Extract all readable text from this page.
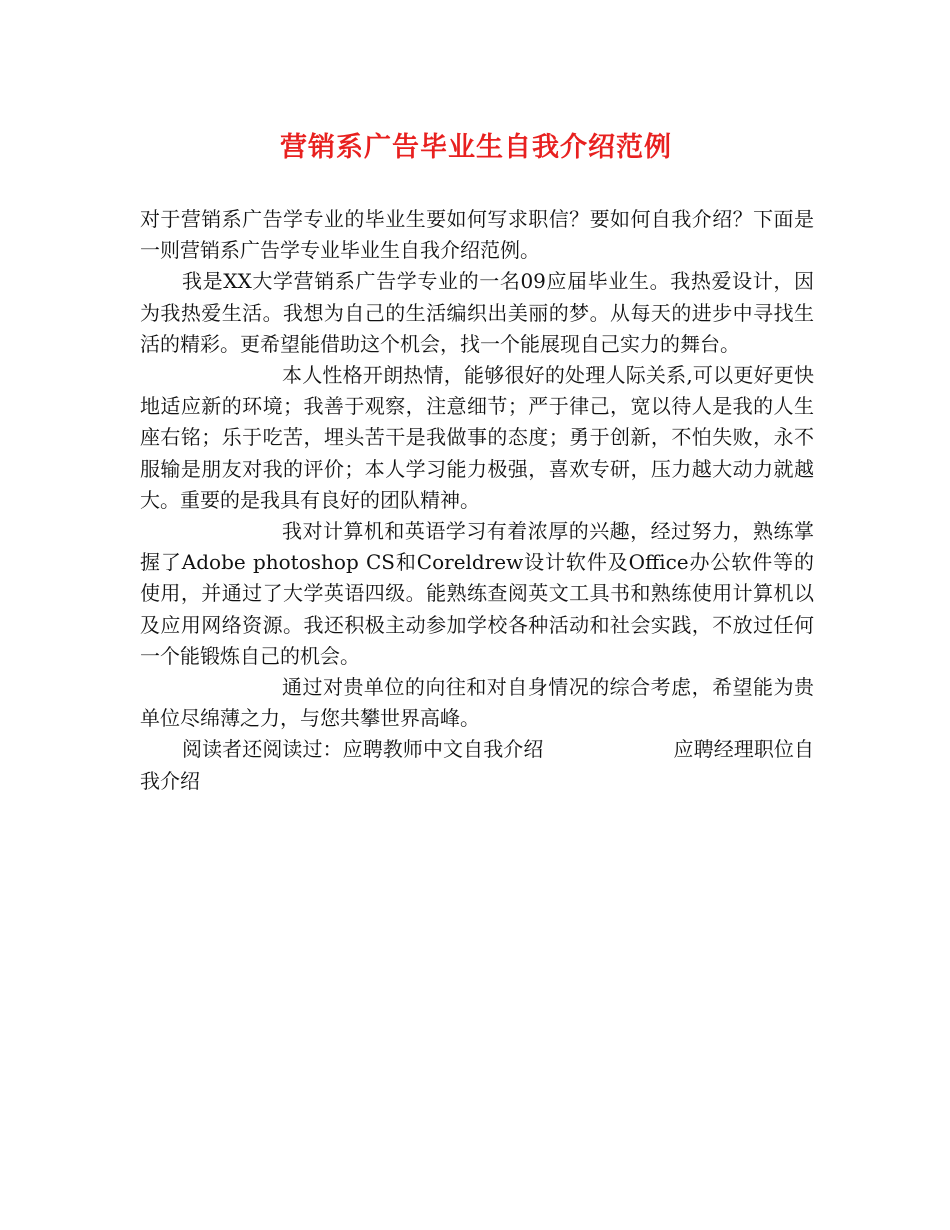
营销系广告毕业生自我介绍范例

对于营销系广告学专业的毕业生要如何写求职信？要如何自我介绍？下面是一则营销系广告学专业毕业生自我介绍范例。

我是XX大学营销系广告学专业的一名09应届毕业生。我热爱设计，因为我热爱生活。我想为自己的生活编织出美丽的梦。从每天的进步中寻找生活的精彩。更希望能借助这个机会，找一个能展现自己实力的舞台。

本人性格开朗热情，能够很好的处理人际关系,可以更好更快地适应新的环境；我善于观察，注意细节；严于律己，宽以待人是我的人生座右铭；乐于吃苦，埋头苦干是我做事的态度；勇于创新，不怕失败，永不服输是朋友对我的评价；本人学习能力极强，喜欢专研，压力越大动力就越大。重要的是我具有良好的团队精神。

我对计算机和英语学习有着浓厚的兴趣，经过努力，熟练掌握了Adobe photoshop CS和Coreldrew设计软件及Office办公软件等的使用，并通过了大学英语四级。能熟练查阅英文工具书和熟练使用计算机以及应用网络资源。我还积极主动参加学校各种活动和社会实践，不放过任何一个能锻炼自己的机会。

通过对贵单位的向往和对自身情况的综合考虑，希望能为贵单位尽绵薄之力，与您共攀世界高峰。

阅读者还阅读过：应聘教师中文自我介绍	应聘经理职位自我介绍
